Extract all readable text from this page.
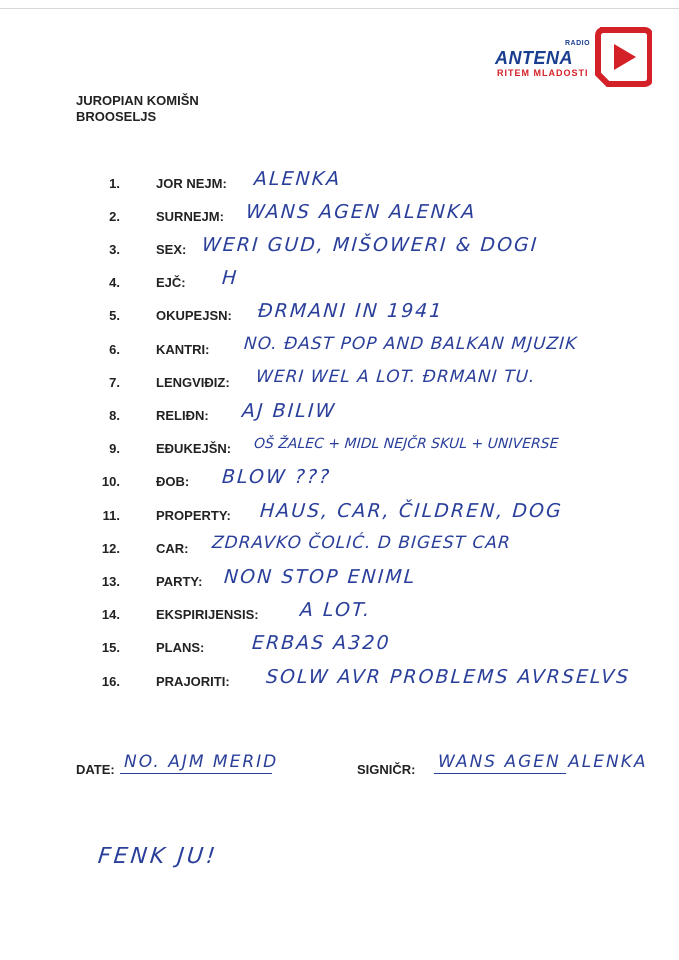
RADIO
ANTENA
RITEM MLADOSTI
JUROPIAN KOMIŠN
BROOSELJS
1.	JOR NEJM: ALENKA
2.	SURNEJM: WANS AGEN ALENKA
3.	SEX: WERI GUD, MIŠOWERI & DOGI
4.	EJČ: H
5.	OKUPEJSN: ĐRMANI IN 1941
6.	KANTRI: NO. ĐAST POP AND BALKAN MJUZIK
7.	LENGVIĐIZ: WERI WEL A LOT. ĐRMANI TU.
8.	RELIĐN: AJ BILIW
9.	EĐUKEJŠN: OŠ ŽALEC + MIDL NEJČR SKUL + UNIVERSE
10.	ĐOB: BLOW ???
11.	PROPERTY: HAUS, CAR, ČILDREN, DOG
12.	CAR: ZDRAVKO ČOLIĆ. D BIGEST CAR
13.	PARTY: NON STOP ENIML
14.	EKSPIRIJENSIS: A LOT.
15.	PLANS: ERBAS A320
16.	PRAJORITI: SOLW AVR PROBLEMS AVRSELVS
DATE: NO. AJM MERID	SIGNIČR: WANS AGEN ALENKA
FENK JU!
